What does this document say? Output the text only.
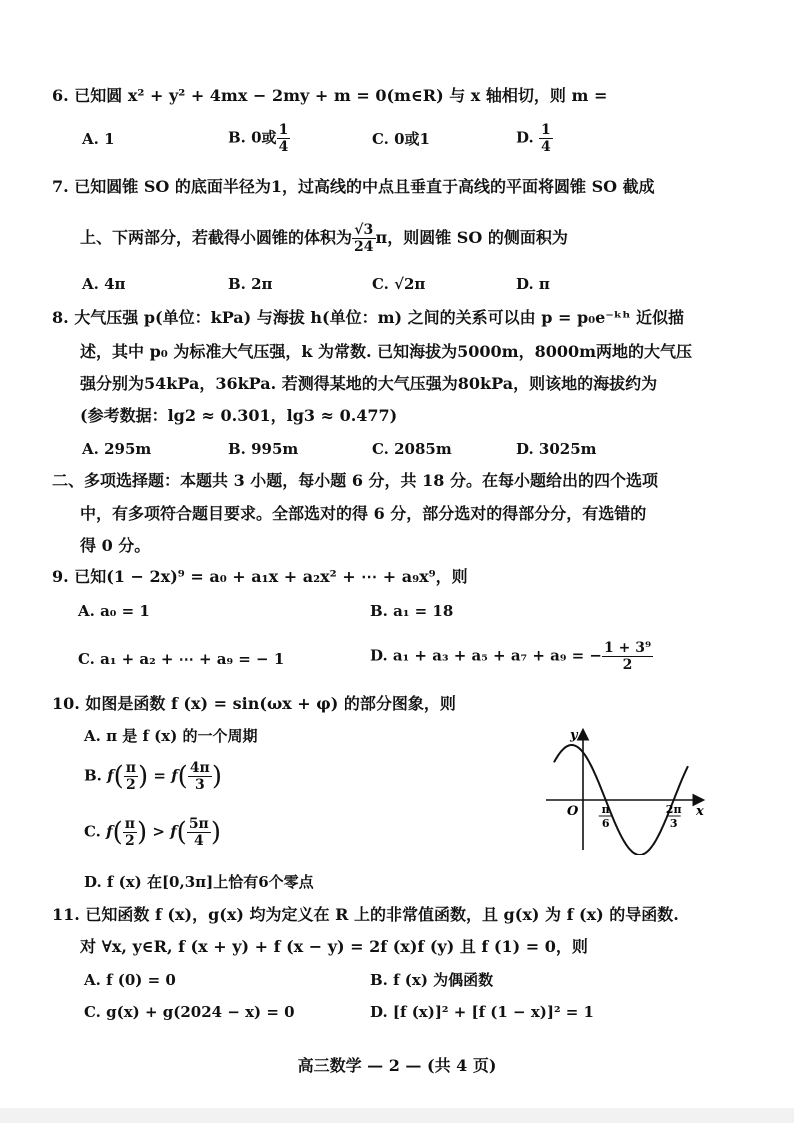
6. 已知圆 x² + y² + 4mx − 2my + m = 0(m∈R) 与 x 轴相切，则 m =
A. 1	B. 0或 $\frac{1}{4}$	C. 0或1	D. $\frac{1}{4}$
7. 已知圆锥 SO 的底面半径为1，过高线的中点且垂直于高线的平面将圆锥 SO 截成
上、下两部分，若截得小圆锥的体积为 $\frac{√3}{24}$ π，则圆锥 SO 的侧面积为
A. 4π	B. 2π	C. √2π	D. π
8. 大气压强 p(单位：kPa) 与海拔 h(单位：m) 之间的关系可以由 p = p₀e⁻ᵏʰ 近似描
述，其中 p₀ 为标准大气压强，k 为常数. 已知海拔为5000m，8000m两地的大气压
强分别为54kPa，36kPa. 若测得某地的大气压强为80kPa，则该地的海拔约为
(参考数据：lg2 ≈ 0.301，lg3 ≈ 0.477)
A. 295m	B. 995m	C. 2085m	D. 3025m
二、多项选择题：本题共 3 小题，每小题 6 分，共 18 分。在每小题给出的四个选项
中，有多项符合题目要求。全部选对的得 6 分，部分选对的得部分分，有选错的
得 0 分。
9. 已知(1 − 2x)⁹ = a₀ + a₁x + a₂x² + ⋯ + a₉x⁹，则
A. a₀ = 1	B. a₁ = 18
C. a₁ + a₂ + ⋯ + a₉ = − 1	D. a₁ + a₃ + a₅ + a₇ + a₉ = − $\frac{\text{1 + 3⁹}}{2}$
10. 如图是函数 f (x) = sin(ωx + φ) 的部分图象，则
A. π 是 f (x) 的一个周期
B. $f( \frac{\pi}{2}$ ) = $f( \frac{4\pi}{3}$ )
C. $f( \frac{\pi}{2}$ ) > $f( \frac{5\pi}{4}$ )
D. f (x) 在[0,3π]上恰有6个零点
y
x
O π
6
2π
3
11. 已知函数 f (x)，g(x) 均为定义在 R 上的非常值函数，且 g(x) 为 f (x) 的导函数.
对 ∀x, y∈R, f (x + y) + f (x − y) = 2f (x)f (y) 且 f (1) = 0，则
A. f (0) = 0	B. f (x) 为偶函数
C. g(x) + g(2024 − x) = 0	D. [f (x)]² + [f (1 − x)]² = 1
高三数学 — 2 — (共 4 页)
